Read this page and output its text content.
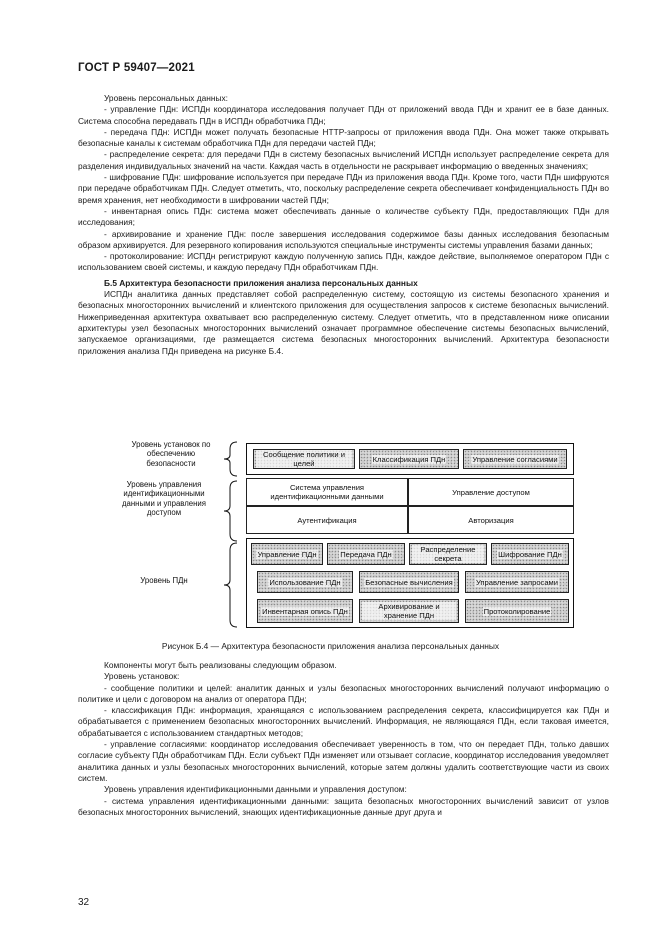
ГОСТ Р 59407—2021

Уровень персональных данных:

- управление ПДн: ИСПДн координатора исследования получает ПДн от приложений ввода ПДн и хранит ее в базе данных. Система способна передавать ПДн в ИСПДн обработчика ПДн;

- передача ПДн: ИСПДн может получать безопасные HTTP-запросы от приложения ввода ПДн. Она может также открывать безопасные каналы к системам обработчика ПДн для передачи частей ПДн;

- распределение секрета: для передачи ПДн в систему безопасных вычислений ИСПДн использует распределение секрета для разделения индивидуальных значений на части. Каждая часть в отдельности не раскрывает информацию о введенных значениях;

- шифрование ПДн: шифрование используется при передаче ПДн из приложения ввода ПДн. Кроме того, части ПДн шифруются при передаче обработчикам ПДн. Следует отметить, что, поскольку распределение секрета обеспечивает конфиденциальность ПДн во время хранения, нет необходимости в шифровании частей ПДн;

- инвентарная опись ПДн: система может обеспечивать данные о количестве субъекту ПДн, предоставляющих ПДн для исследования;

- архивирование и хранение ПДн: после завершения исследования содержимое базы данных исследования безопасным образом архивируется. Для резервного копирования используются специальные инструменты системы управления базами данных;

- протоколирование: ИСПДн регистрируют каждую полученную запись ПДн, каждое действие, выполняемое оператором ПДн с использованием своей системы, и каждую передачу ПДн обработчикам ПДн.

Б.5 Архитектура безопасности приложения анализа персональных данных

ИСПДн аналитика данных представляет собой распределенную систему, состоящую из системы безопасного хранения и безопасных многосторонних вычислений и клиентского приложения для осуществления запросов к системе безопасных вычислений. Нижеприведенная архитектура охватывает всю распределенную систему. Следует отметить, что в представленном ниже описании архитектуры узел безопасных многосторонних вычислений означает программное обеспечение системы безопасных вычислений, запускаемое организациями, где размещается система безопасных многосторонних вычислений. Архитектура безопасности приложения анализа ПДн приведена на рисунке Б.4.

Уровень установок по обеспечению безопасности
Уровень управления идентификационными данными и управления доступом
Уровень ПДн
Сообщение политики и целей	Классификация ПДн	Управление согласиями
Система управления идентификационными данными	Управление доступом
Аутентификация	Авторизация
Управление ПДн	Передача ПДн	Распределение секрета	Шифрование ПДн
Использование ПДн	Безопасные вычисления	Управление запросами
Инвентарная опись ПДн	Архивирование и хранение ПДн	Протоколирование
Рисунок Б.4 — Архитектура безопасности приложения анализа персональных данных

Компоненты могут быть реализованы следующим образом.

Уровень установок:

- сообщение политики и целей: аналитик данных и узлы безопасных многосторонних вычислений получают информацию о политике и цели с договором на анализ от оператора ПДн;

- классификация ПДн: информация, хранящаяся с использованием распределения секрета, классифицируется как ПДн и обрабатывается с применением безопасных многосторонних вычислений. Информация, не являющаяся ПДн, если таковая имеется, обрабатывается с использованием стандартных методов;

- управление согласиями: координатор исследования обеспечивает уверенность в том, что он передает ПДн, только давших согласие субъекту ПДн обработчикам ПДн. Если субъект ПДн изменяет или отзывает согласие, координатор исследования уведомляет аналитика данных и узлы безопасных многосторонних вычислений, которые затем должны удалить соответствующие части из своих систем.

Уровень управления идентификационными данными и управления доступом:

- система управления идентификационными данными: защита безопасных многосторонних вычислений зависит от узлов безопасных многосторонних вычислений, знающих идентификационные данные друг друга и

32
